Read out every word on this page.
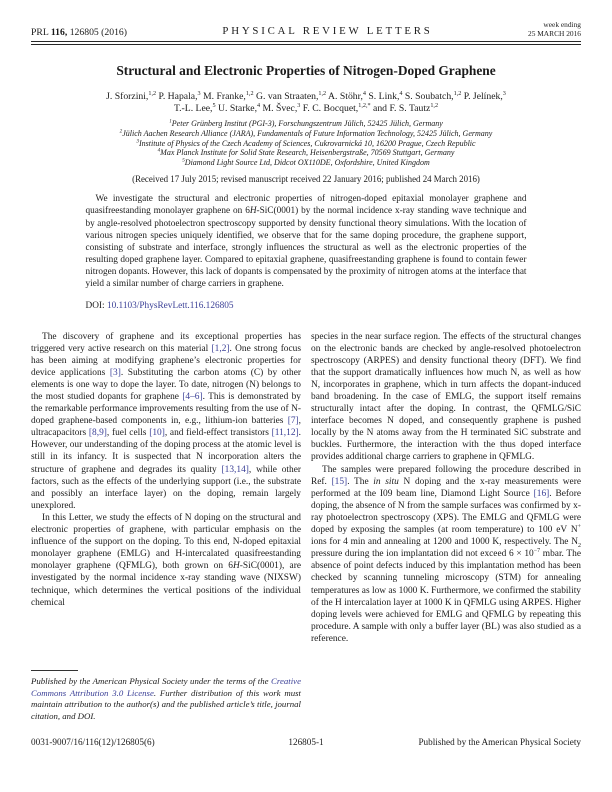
PRL 116, 126805 (2016)	PHYSICAL REVIEW LETTERS
week ending
25 MARCH 2016
Structural and Electronic Properties of Nitrogen-Doped Graphene
J. Sforzini,$^{1,2}$ P. Hapala,$^3$ M. Franke,$^{1,2}$ G. van Straaten,$^{1,2}$ A. Stöhr,$^4$ S. Link,$^4$ S. Soubatch,$^{1,2}$ P. Jelínek,$^3$
T.-L. Lee,$^5$ U. Starke,$^4$ M. Švec,$^3$ F. C. Bocquet,$^{1,2,*}$ and F. S. Tautz$^{1,2}$
$^1$Peter Grünberg Institut (PGI-3), Forschungszentrum Jülich, 52425 Jülich, Germany
$^2$Jülich Aachen Research Alliance (JARA), Fundamentals of Future Information Technology, 52425 Jülich, Germany
$^3$Institute of Physics of the Czech Academy of Sciences, Cukrovarnická 10, 16200 Prague, Czech Republic
$^4$Max Planck Institute for Solid State Research, Heisenbergstraße, 70569 Stuttgart, Germany
$^5$Diamond Light Source Ltd, Didcot OX110DE, Oxfordshire, United Kingdom
(Received 17 July 2015; revised manuscript received 22 January 2016; published 24 March 2016)
We investigate the structural and electronic properties of nitrogen-doped epitaxial monolayer graphene and quasifreestanding monolayer graphene on 6H-SiC(0001) by the normal incidence x-ray standing wave technique and by angle-resolved photoelectron spectroscopy supported by density functional theory simulations. With the location of various nitrogen species uniquely identified, we observe that for the same doping procedure, the graphene support, consisting of substrate and interface, strongly influences the structural as well as the electronic properties of the resulting doped graphene layer. Compared to epitaxial graphene, quasifreestanding graphene is found to contain fewer nitrogen dopants. However, this lack of dopants is compensated by the proximity of nitrogen atoms at the interface that yield a similar number of charge carriers in graphene.
DOI: 10.1103/PhysRevLett.116.126805

The discovery of graphene and its exceptional properties has triggered very active research on this material [1,2]. One strong focus has been aiming at modifying graphene’s electronic properties for device applications [3]. Substituting the carbon atoms (C) by other elements is one way to dope the layer. To date, nitrogen (N) belongs to the most studied dopants for graphene [4–6]. This is demonstrated by the remarkable performance improvements resulting from the use of N-doped graphene-based components in, e.g., lithium-ion batteries [7], ultracapacitors [8,9], fuel cells [10], and field-effect transistors [11,12]. However, our understanding of the doping process at the atomic level is still in its infancy. It is suspected that N incorporation alters the structure of graphene and degrades its quality [13,14], while other factors, such as the effects of the underlying support (i.e., the substrate and possibly an interface layer) on the doping, remain largely unexplored.

In this Letter, we study the effects of N doping on the structural and electronic properties of graphene, with particular emphasis on the influence of the support on the doping. To this end, N-doped epitaxial monolayer graphene (EMLG) and H-intercalated quasifreestanding monolayer graphene (QFMLG), both grown on 6H-SiC(0001), are investigated by the normal incidence x-ray standing wave (NIXSW) technique, which determines the vertical positions of the individual chemical

Published by the American Physical Society under the terms of the Creative Commons Attribution 3.0 License. Further distribution of this work must maintain attribution to the author(s) and the published article’s title, journal citation, and DOI.

species in the near surface region. The effects of the structural changes on the electronic bands are checked by angle-resolved photoelectron spectroscopy (ARPES) and density functional theory (DFT). We find that the support dramatically influences how much N, as well as how N, incorporates in graphene, which in turn affects the dopant-induced band broadening. In the case of EMLG, the support itself remains structurally intact after the doping. In contrast, the QFMLG/SiC interface becomes N doped, and consequently graphene is pushed locally by the N atoms away from the H terminated SiC substrate and buckles. Furthermore, the interaction with the thus doped interface provides additional charge carriers to graphene in QFMLG.

The samples were prepared following the procedure described in Ref. [15]. The in situ N doping and the x-ray measurements were performed at the I09 beam line, Diamond Light Source [16]. Before doping, the absence of N from the sample surfaces was confirmed by x-ray photoelectron spectroscopy (XPS). The EMLG and QFMLG were doped by exposing the samples (at room temperature) to 100 eV N+ ions for 4 min and annealing at 1200 and 1000 K, respectively. The $N_2$ pressure during the ion implantation did not exceed $6 \times 10^{-7}$ mbar. The absence of point defects induced by this implantation method has been checked by scanning tunneling microscopy (STM) for annealing temperatures as low as 1000 K. Furthermore, we confirmed the stability of the H intercalation layer at 1000 K in QFMLG using ARPES. Higher doping levels were achieved for EMLG and QFMLG by repeating this procedure. A sample with only a buffer layer (BL) was also studied as a reference.

0031-9007/16/116(12)/126805(6)	126805-1	Published by the American Physical Society
